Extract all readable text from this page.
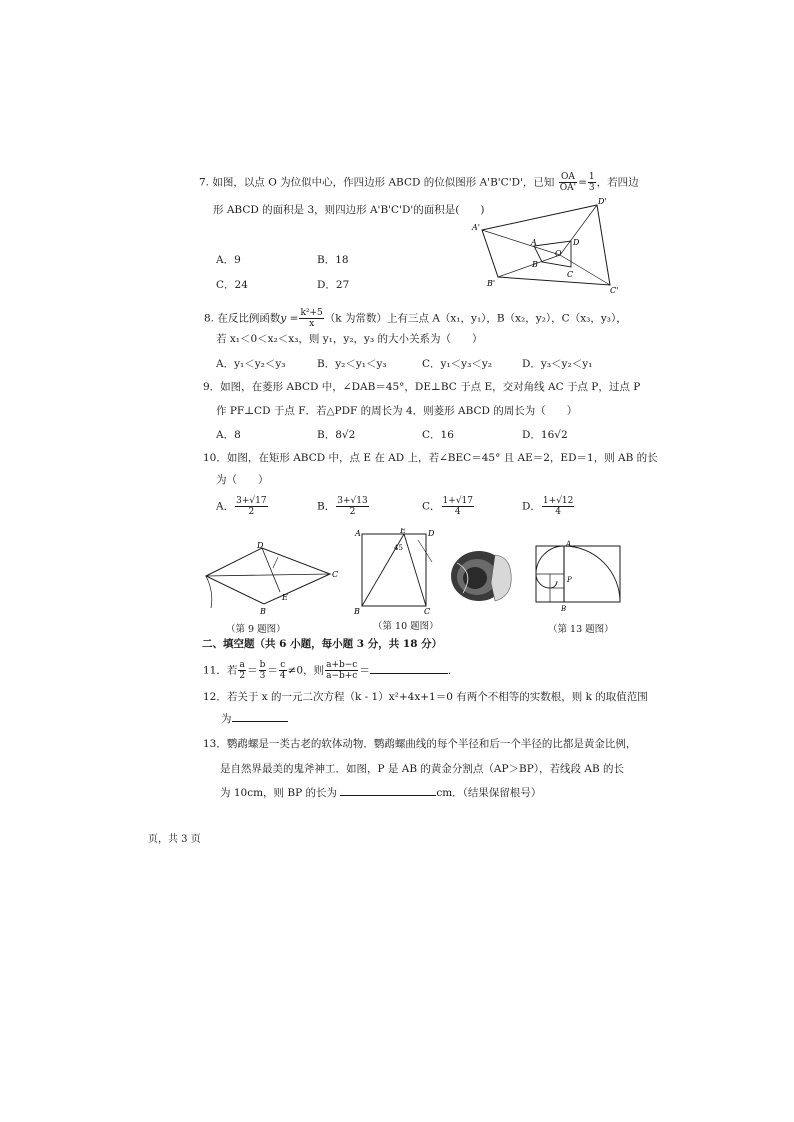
7. 如图，以点 O 为位似中心，作四边形 ABCD 的位似图形 A'B'C'D'，已知 $\frac{OA}{OA'} = \frac{1}{3}$ ，若四边
形 ABCD 的面积是 3，则四边形 A'B'C'D'的面积是(　　)
A．9	B．18
C．24	D．27
A'
D'
A	D
O
B
C
B'
C'
8. 在反比例函数$y = \frac{\text{k²+5}}{x} (k$ 为常数）上有三点 A（x₁，y₁），B（x₂，y₂），C（x₃，y₃），
若 x₁＜0＜x₂＜x₃，则 y₁，y₂，y₃ 的大小关系为（　　）
A．y₁＜y₂＜y₃	B．y₂＜y₁＜y₃	C．y₁＜y₃＜y₂	D．y₃＜y₂＜y₁
9．如图，在菱形 ABCD 中，∠DAB＝45°，DE⊥BC 于点 E，交对角线 AC 于点 P，过点 P
作 PF⊥CD 于点 F．若△PDF 的周长为 4．则菱形 ABCD 的周长为（　　）
A．8	B．8√2	C．16	D．16√2
10．如图，在矩形 ABCD 中，点 E 在 AD 上，若∠BEC＝45° 且 AE＝2，ED＝1，则 AB 的长
为（　　）
A． $\frac{3+√17}{2}$	B． $\frac{3+√13}{2}$	C． $\frac{1+√17}{4}$	D． $\frac{1+√12}{4}$
D
C
E
B
A	E	D
45
B	C
A
P
B
（第 9 题图）	（第 10 题图）	（第 13 题图）
二、填空题（共 6 小题，每小题 3 分，共 18 分）
11．若 $\frac{a}{2} = \frac{b}{3} = \frac{c}{4} \ne 0$，则 $\frac{a+b-c}{a-b+c}$ ＝	．
12．若关于 x 的一元二次方程（k - 1）x²+4x+1＝0 有两个不相等的实数根，则 k 的取值范围
为
13．鹦鹉螺是一类古老的软体动物．鹦鹉螺曲线的每个半径和后一个半径的比都是黄金比例，
是自然界最美的鬼斧神工．如图，P 是 AB 的黄金分割点（AP＞BP），若线段 AB 的长
为 10cm，则 BP 的长为	cm．（结果保留根号）
页，共 3 页
